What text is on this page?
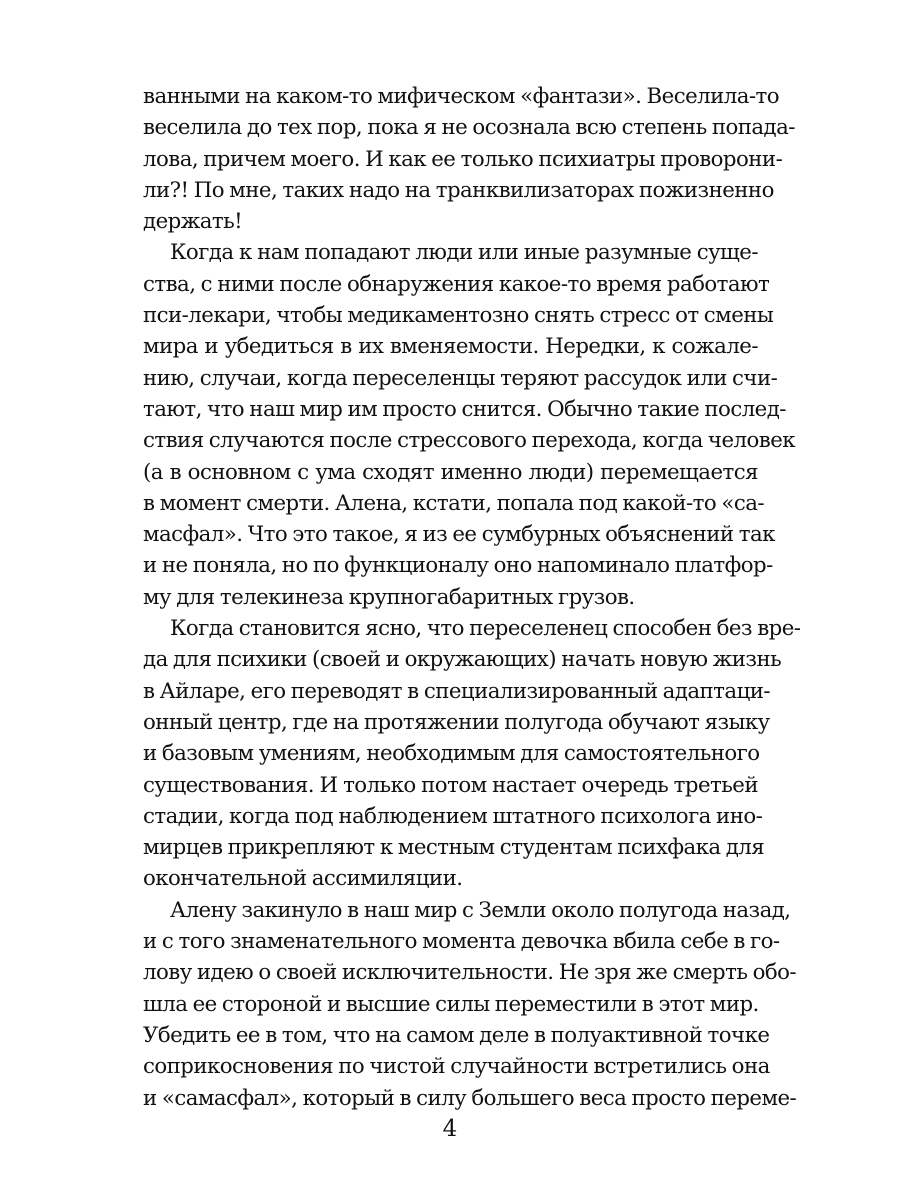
ванными на каком-то мифическом «фантази». Веселила-то
веселила до тех пор, пока я не осознала всю степень попада-
лова, причем моего. И как ее только психиатры проворони-
ли?! По мне, таких надо на транквилизаторах пожизненно
держать!
Когда к нам попадают люди или иные разумные суще-
ства, с ними после обнаружения какое-то время работают
пси-лекари, чтобы медикаментозно снять стресс от смены
мира и убедиться в их вменяемости. Нередки, к сожале-
нию, случаи, когда переселенцы теряют рассудок или счи-
тают, что наш мир им просто снится. Обычно такие послед-
ствия случаются после стрессового перехода, когда человек
(а в основном с ума сходят именно люди) перемещается
в момент смерти. Алена, кстати, попала под какой-то «са-
масфал». Что это такое, я из ее сумбурных объяснений так
и не поняла, но по функционалу оно напоминало платфор-
му для телекинеза крупногабаритных грузов.
Когда становится ясно, что переселенец способен без вре-
да для психики (своей и окружающих) начать новую жизнь
в Айларе, его переводят в специализированный адаптаци-
онный центр, где на протяжении полугода обучают языку
и базовым умениям, необходимым для самостоятельного
существования. И только потом настает очередь третьей
стадии, когда под наблюдением штатного психолога ино-
мирцев прикрепляют к местным студентам психфака для
окончательной ассимиляции.
Алену закинуло в наш мир с Земли около полугода назад,
и с того знаменательного момента девочка вбила себе в го-
лову идею о своей исключительности. Не зря же смерть обо-
шла ее стороной и высшие силы переместили в этот мир.
Убедить ее в том, что на самом деле в полуактивной точке
соприкосновения по чистой случайности встретились она
и «самасфал», который в силу большего веса просто переме-
4
